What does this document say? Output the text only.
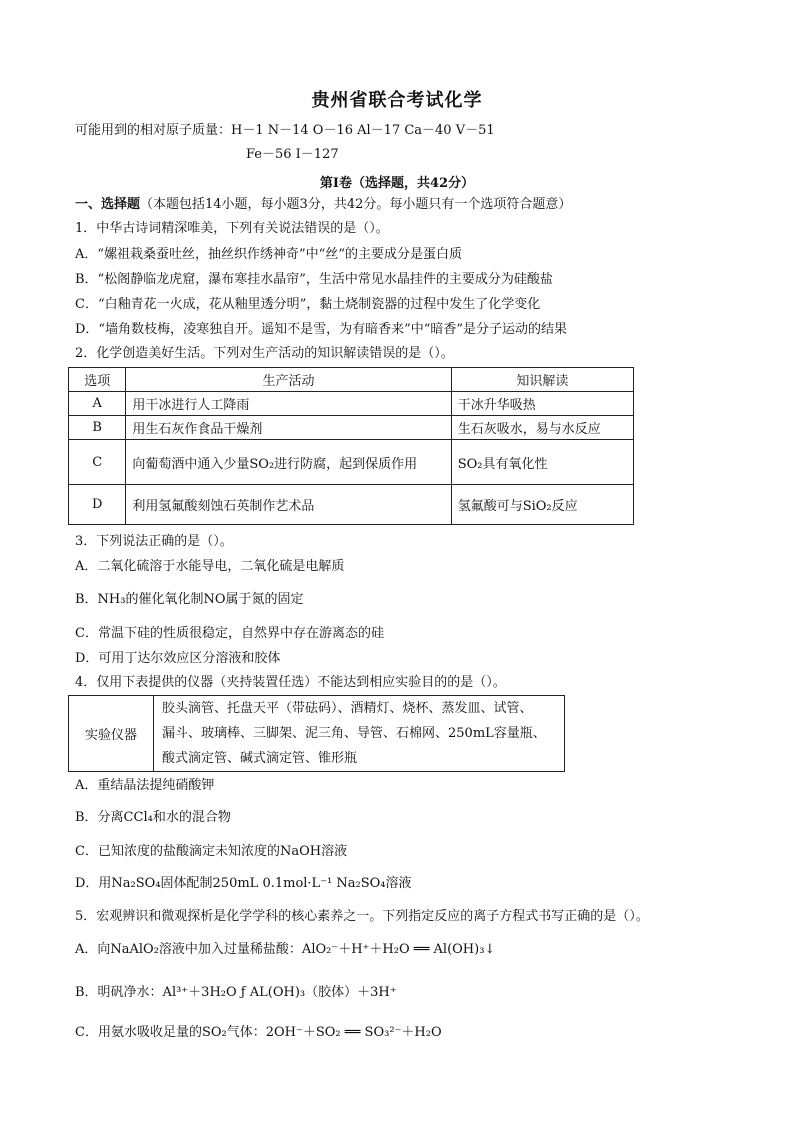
贵州省联合考试化学
可能用到的相对原子质量：H－1 N－14 O－16 Al－17 Ca－40 V－51
Fe－56 I－127
第Ⅰ卷（选择题，共42分）
一、选择题（本题包括14小题，每小题3分，共42分。每小题只有一个选项符合题意）
1．中华古诗词精深唯美，下列有关说法错误的是（）。
A．“嫘祖栽桑蚕吐丝，抽丝织作绣神奇”中“丝”的主要成分是蛋白质
B．“松阁静临龙虎窟，瀑布寒挂水晶帘”，生活中常见水晶挂件的主要成分为硅酸盐
C．“白釉青花一火成，花从釉里透分明”，黏土烧制瓷器的过程中发生了化学变化
D．“墙角数枝梅，凌寒独自开。遥知不是雪，为有暗香来”中“暗香”是分子运动的结果
2．化学创造美好生活。下列对生产活动的知识解读错误的是（）。
选项	生产活动	知识解读
A	用干冰进行人工降雨	干冰升华吸热
B	用生石灰作食品干燥剂	生石灰吸水，易与水反应
C	向葡萄酒中通入少量SO₂进行防腐，起到保质作用	SO₂具有氧化性
D	利用氢氟酸刻蚀石英制作艺术品	氢氟酸可与SiO₂反应
3．下列说法正确的是（）。
A．二氧化硫溶于水能导电，二氧化硫是电解质
B．NH₃的催化氧化制NO属于氮的固定
C．常温下硅的性质很稳定，自然界中存在游离态的硅
D．可用丁达尔效应区分溶液和胶体
4．仅用下表提供的仪器（夹持装置任选）不能达到相应实验目的的是（）。
实验仪器	
胶头滴管、托盘天平（带砝码）、酒精灯、烧杯、蒸发皿、试管、
漏斗、玻璃棒、三脚架、泥三角、导管、石棉网、250mL容量瓶、
酸式滴定管、碱式滴定管、锥形瓶
A．重结晶法提纯硝酸钾
B．分离CCl₄和水的混合物
C．已知浓度的盐酸滴定未知浓度的NaOH溶液
D．用Na₂SO₄固体配制250mL 0.1mol·L⁻¹ Na₂SO₄溶液
5．宏观辨识和微观探析是化学学科的核心素养之一。下列指定反应的离子方程式书写正确的是（）。
A．向NaAlO₂溶液中加入过量稀盐酸：AlO₂⁻＋H⁺＋H₂O ══ Al(OH)₃↓
B．明矾净水：Al³⁺＋3H₂O ƒ AL(OH)₃（胶体）＋3H⁺
C．用氨水吸收足量的SO₂气体：2OH⁻＋SO₂ ══ SO₃²⁻＋H₂O
